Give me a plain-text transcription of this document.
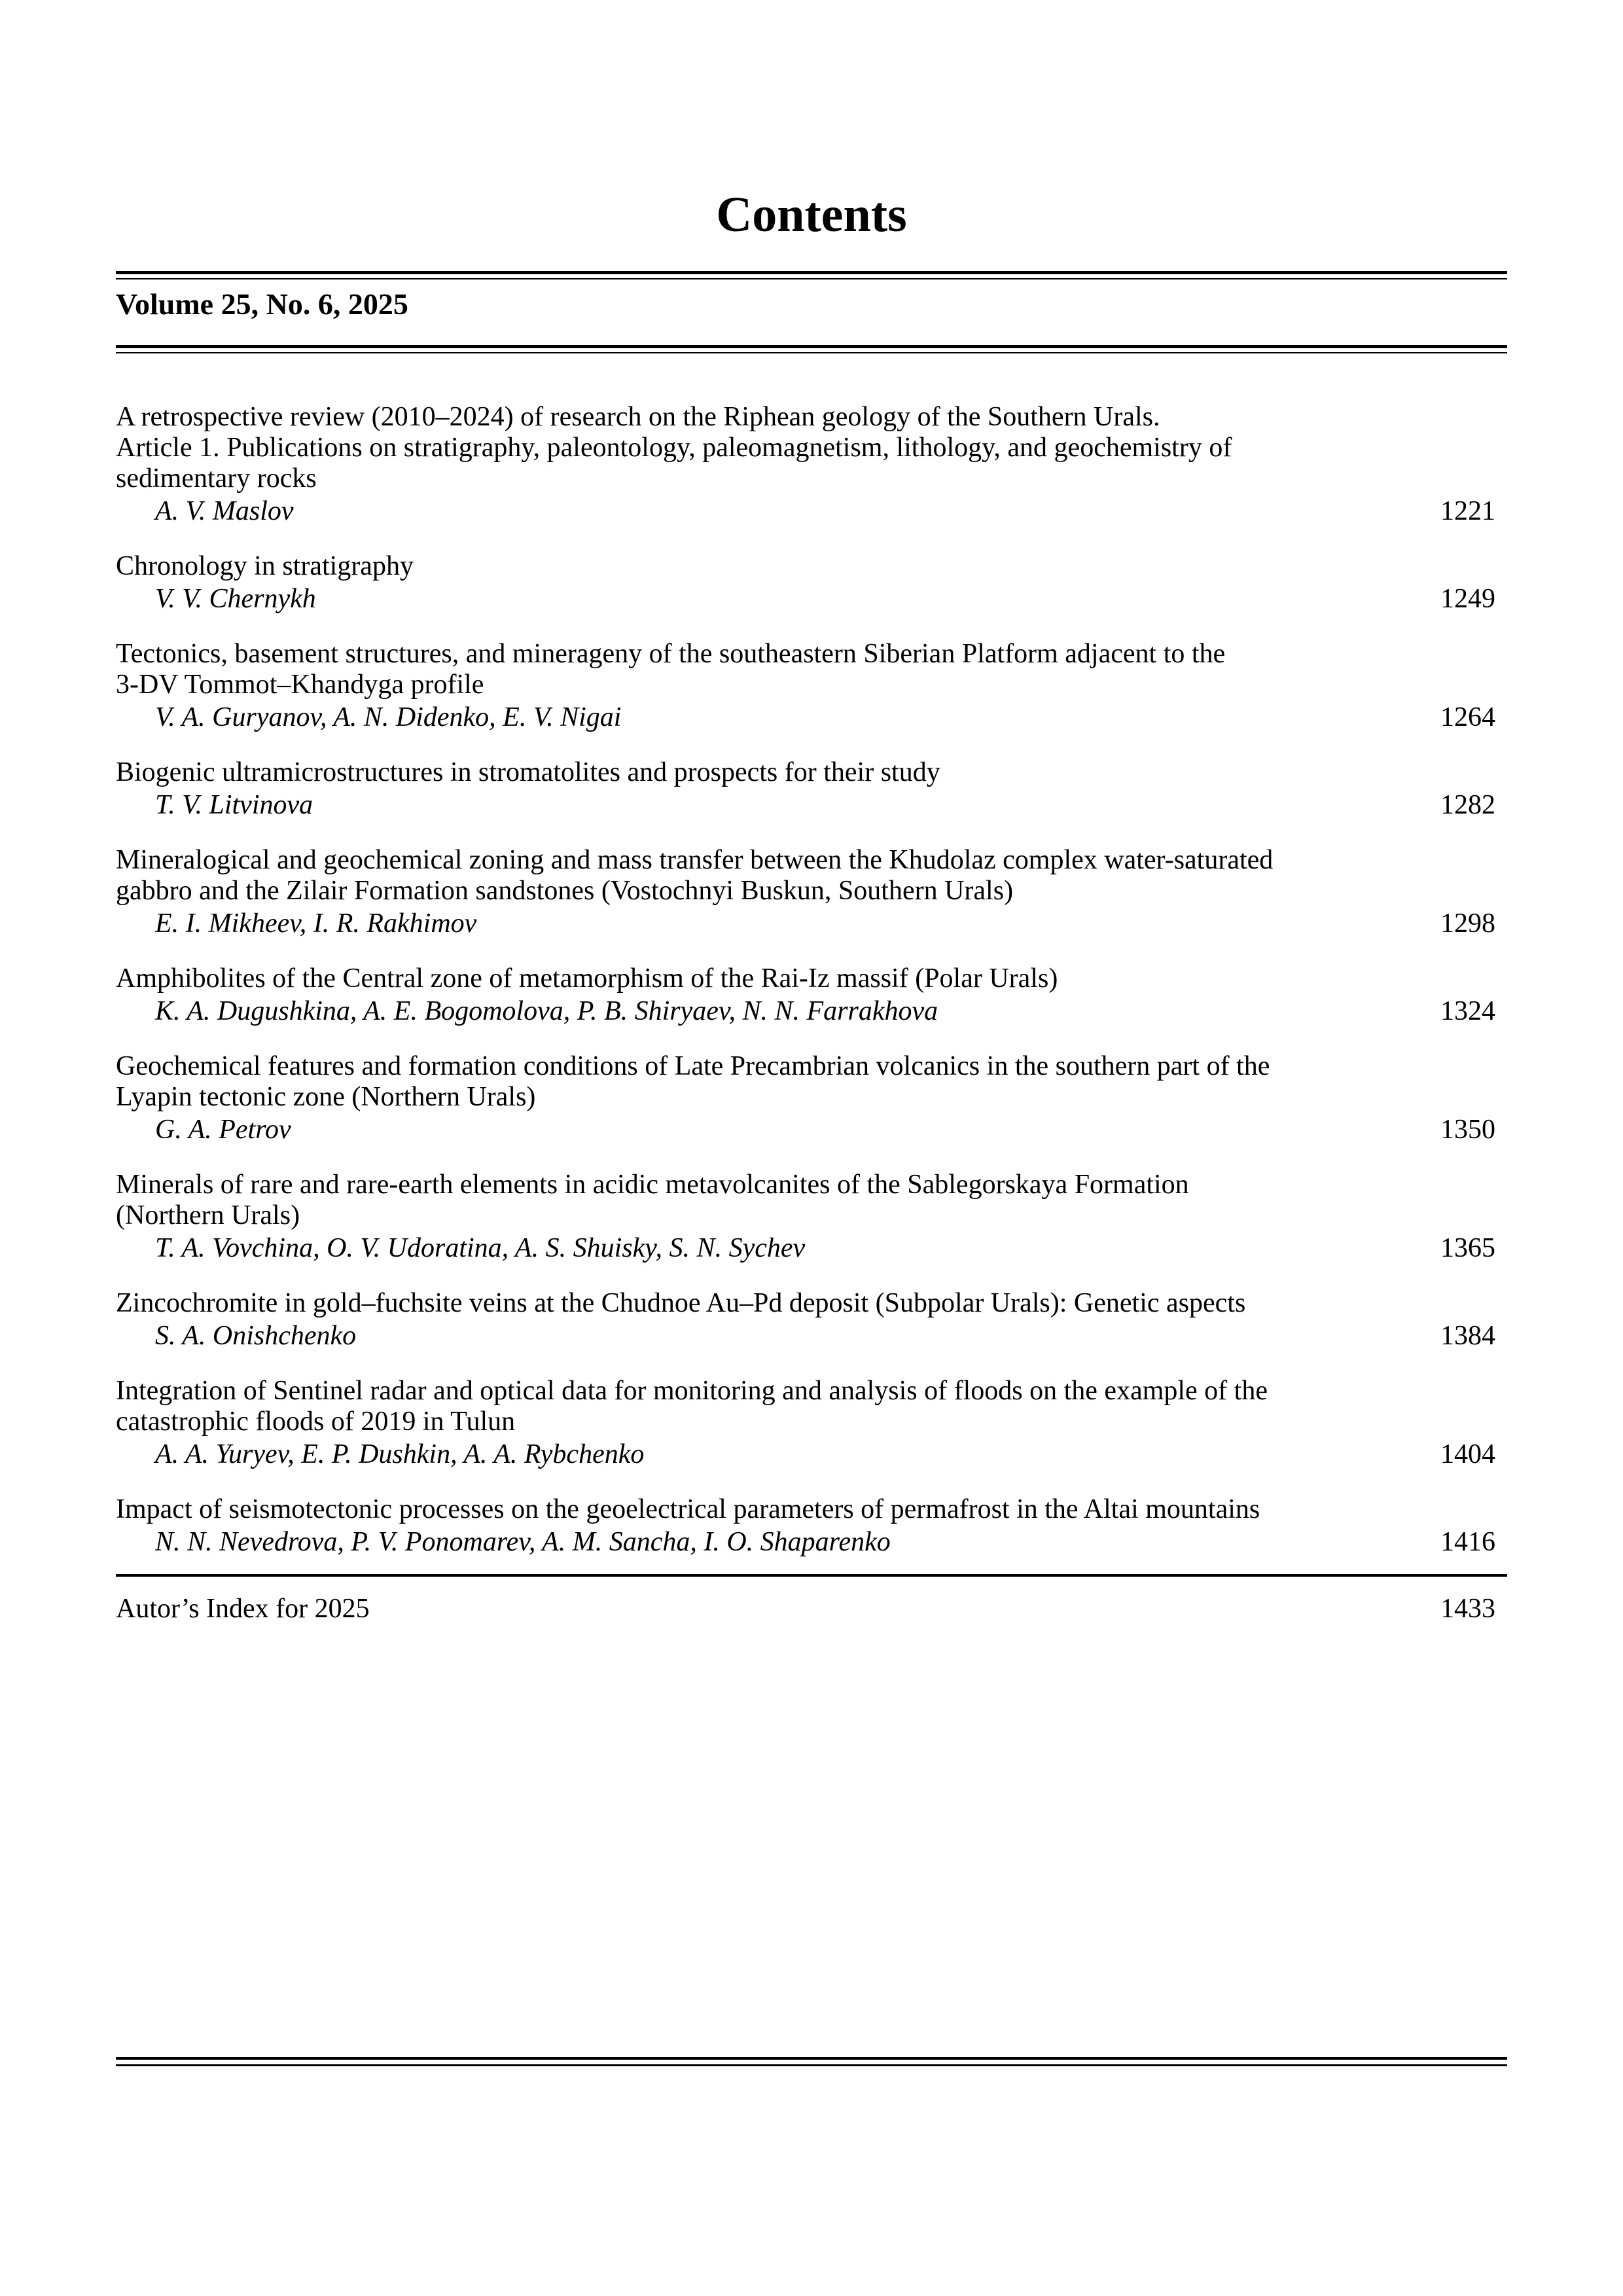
Contents
Volume 25, No. 6, 2025
A retrospective review (2010–2024) of research on the Riphean geology of the Southern Urals.
Article 1. Publications on stratigraphy, paleontology, paleomagnetism, lithology, and geochemistry of
sedimentary rocks
A. V. Maslov	1221
Chronology in stratigraphy
V. V. Chernykh	1249
Tectonics, basement structures, and minerageny of the southeastern Siberian Platform adjacent to the
3-DV Tommot–Khandyga profile
V. A. Guryanov, A. N. Didenko, E. V. Nigai	1264
Biogenic ultramicrostructures in stromatolites and prospects for their study
T. V. Litvinova	1282
Mineralogical and geochemical zoning and mass transfer between the Khudolaz complex water-saturated
gabbro and the Zilair Formation sandstones (Vostochnyi Buskun, Southern Urals)
E. I. Mikheev, I. R. Rakhimov	1298
Amphibolites of the Central zone of metamorphism of the Rai-Iz massif (Polar Urals)
K. A. Dugushkina, A. E. Bogomolova, P. B. Shiryaev, N. N. Farrakhova	1324
Geochemical features and formation conditions of Late Precambrian volcanics in the southern part of the
Lyapin tectonic zone (Northern Urals)
G. A. Petrov	1350
Minerals of rare and rare-earth elements in acidic metavolcanites of the Sablegorskaya Formation
(Northern Urals)
T. A. Vovchina, O. V. Udoratina, A. S. Shuisky, S. N. Sychev	1365
Zincochromite in gold–fuchsite veins at the Chudnoe Au–Pd deposit (Subpolar Urals): Genetic aspects
S. A. Onishchenko	1384
Integration of Sentinel radar and optical data for monitoring and analysis of floods on the example of the
catastrophic floods of 2019 in Tulun
A. A. Yuryev, E. P. Dushkin, A. A. Rybchenko	1404
Impact of seismotectonic processes on the geoelectrical parameters of permafrost in the Altai mountains
N. N. Nevedrova, P. V. Ponomarev, A. M. Sancha, I. O. Shaparenko	1416
Autor’s Index for 2025	1433
